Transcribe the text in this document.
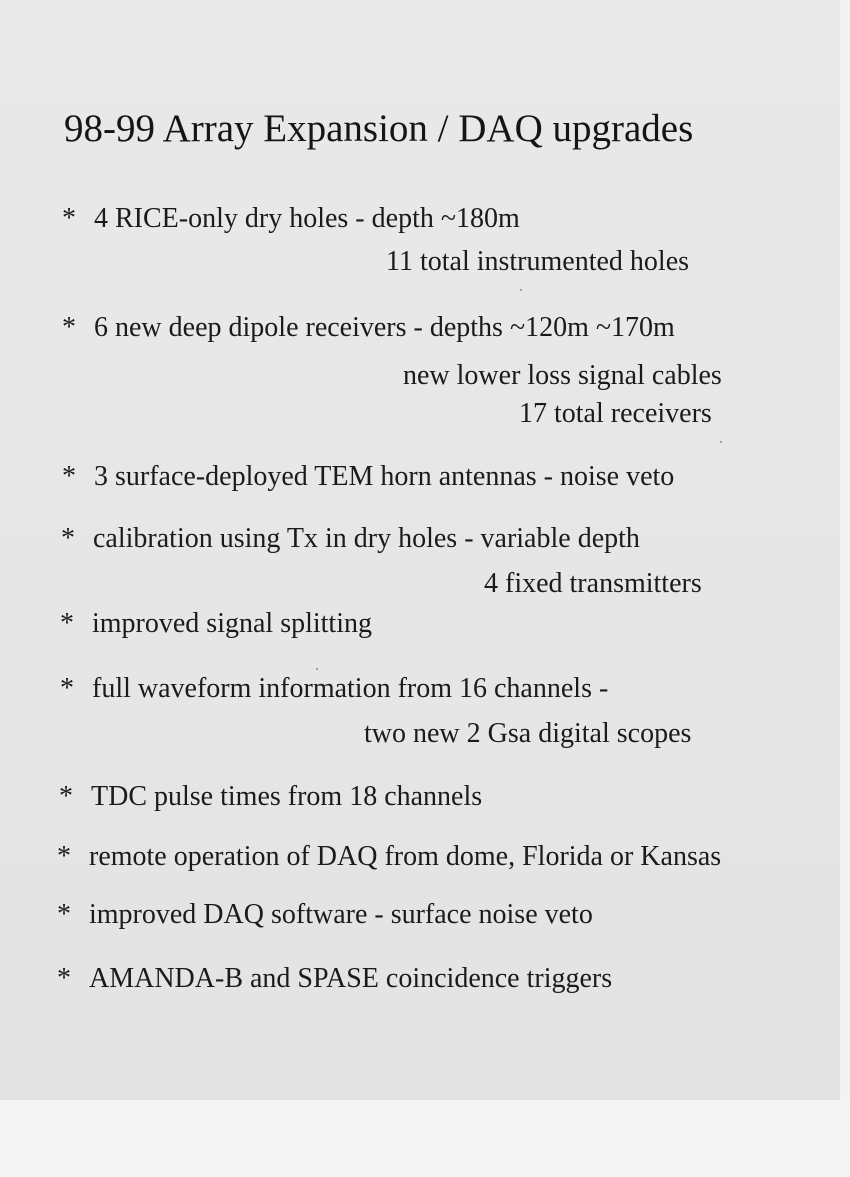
98-99 Array Expansion / DAQ upgrades
* 4 RICE-only dry holes - depth ~180m
11 total instrumented holes
* 6 new deep dipole receivers - depths ~120m ~170m
new lower loss signal cables
17 total receivers
* 3 surface-deployed TEM horn antennas - noise veto
* calibration using Tx in dry holes - variable depth
4 fixed transmitters
* improved signal splitting
* full waveform information from 16 channels -
two new 2 Gsa digital scopes
* TDC pulse times from 18 channels
* remote operation of DAQ from dome, Florida or Kansas
* improved DAQ software - surface noise veto
* AMANDA-B and SPASE coincidence triggers
